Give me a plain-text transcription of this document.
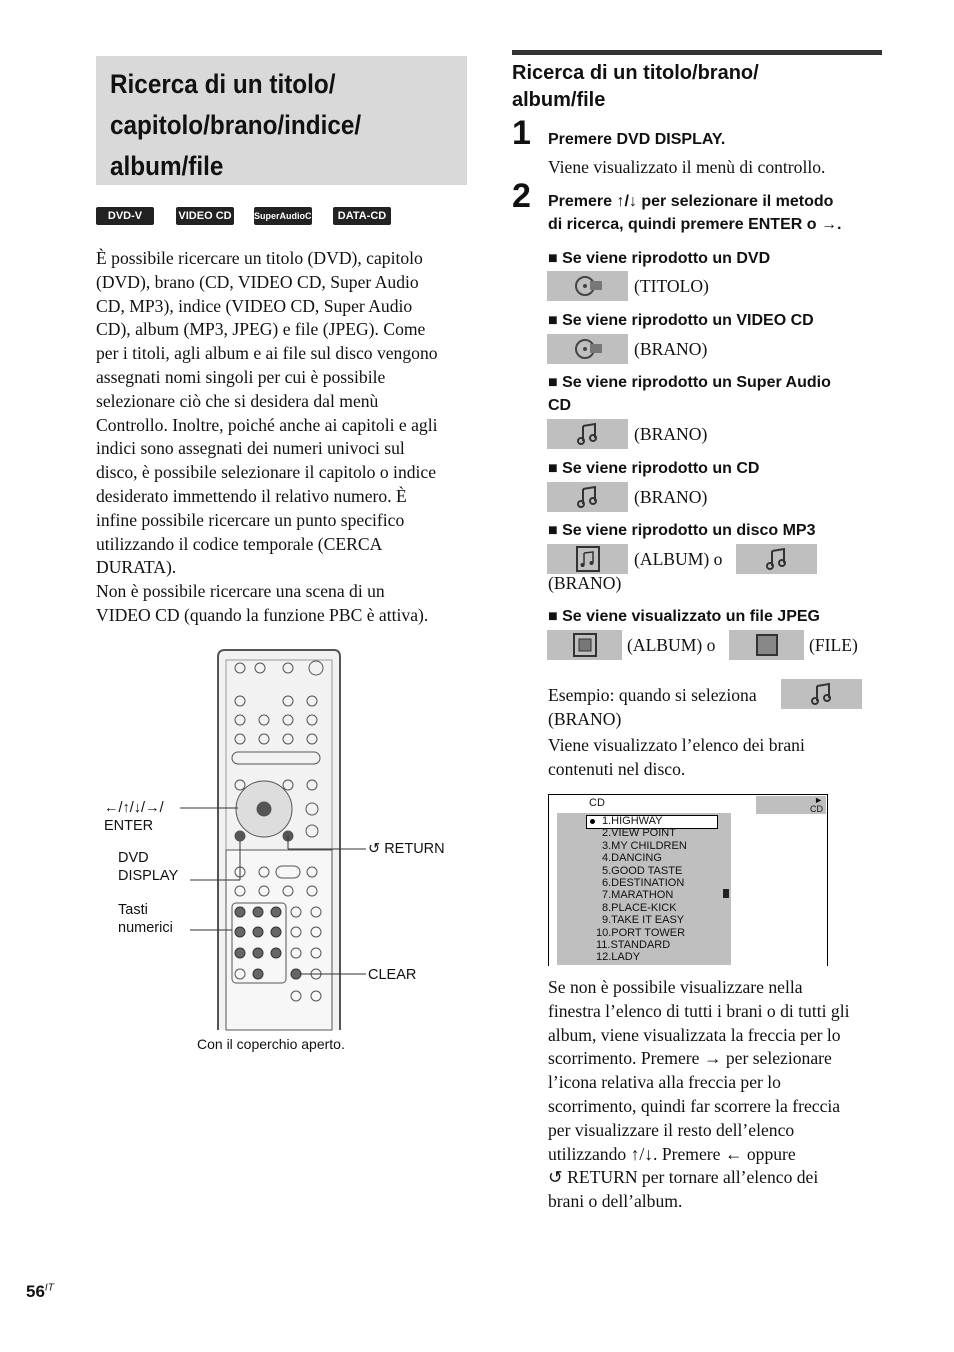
Ricerca di un titolo/
capitolo/brano/indice/
album/file
DVD-V	VIDEO CD SuperAudioCD	DATA-CD
È possibile ricercare un titolo (DVD), capitolo
(DVD), brano (CD, VIDEO CD, Super Audio
CD, MP3), indice (VIDEO CD, Super Audio
CD), album (MP3, JPEG) e file (JPEG). Come
per i titoli, agli album e ai file sul disco vengono
assegnati nomi singoli per cui è possibile
selezionare ciò che si desidera dal menù
Controllo. Inoltre, poiché anche ai capitoli e agli
indici sono assegnati dei numeri univoci sul
disco, è possibile selezionare il capitolo o indice
desiderato immettendo il relativo numero. È
infine possibile ricercare un punto specifico
utilizzando il codice temporale (CERCA
DURATA).
Non è possibile ricercare una scena di un
VIDEO CD (quando la funzione PBC è attiva).
←/↑/↓/→/
ENTER
DVD
DISPLAY
Tasti
numerici
↺ RETURN
CLEAR
Con il coperchio aperto.
$56^{IT}$
Ricerca di un titolo/brano/
album/file
1 Premere DVD DISPLAY.
Viene visualizzato il menù di controllo.
2 Premere ↑/↓ per selezionare il metodo
di ricerca, quindi premere ENTER o →.
■ Se viene riprodotto un DVD
(TITOLO)
■ Se viene riprodotto un VIDEO CD
(BRANO)
■ Se viene riprodotto un Super Audio
CD
(BRANO)
■ Se viene riprodotto un CD
(BRANO)
■ Se viene riprodotto un disco MP3
(ALBUM) o
(BRANO)
■ Se viene visualizzato un file JPEG
(ALBUM) o	(FILE)
Esempio: quando si seleziona
(BRANO)
Viene visualizzato l’elenco dei brani
contenuti nel disco.
CD	►
CD
1.HIGHWAY
2.VIEW POINT
3.MY CHILDREN
4.DANCING
5.GOOD TASTE
6.DESTINATION
7.MARATHON
8.PLACE-KICK
9.TAKE IT EASY
10.PORT TOWER
11.STANDARD
12.LADY
Se non è possibile visualizzare nella
finestra l’elenco di tutti i brani o di tutti gli
album, viene visualizzata la freccia per lo
scorrimento. Premere → per selezionare
l’icona relativa alla freccia per lo
scorrimento, quindi far scorrere la freccia
per visualizzare il resto dell’elenco
utilizzando ↑/↓. Premere ← oppure
↺ RETURN per tornare all’elenco dei
brani o dell’album.
